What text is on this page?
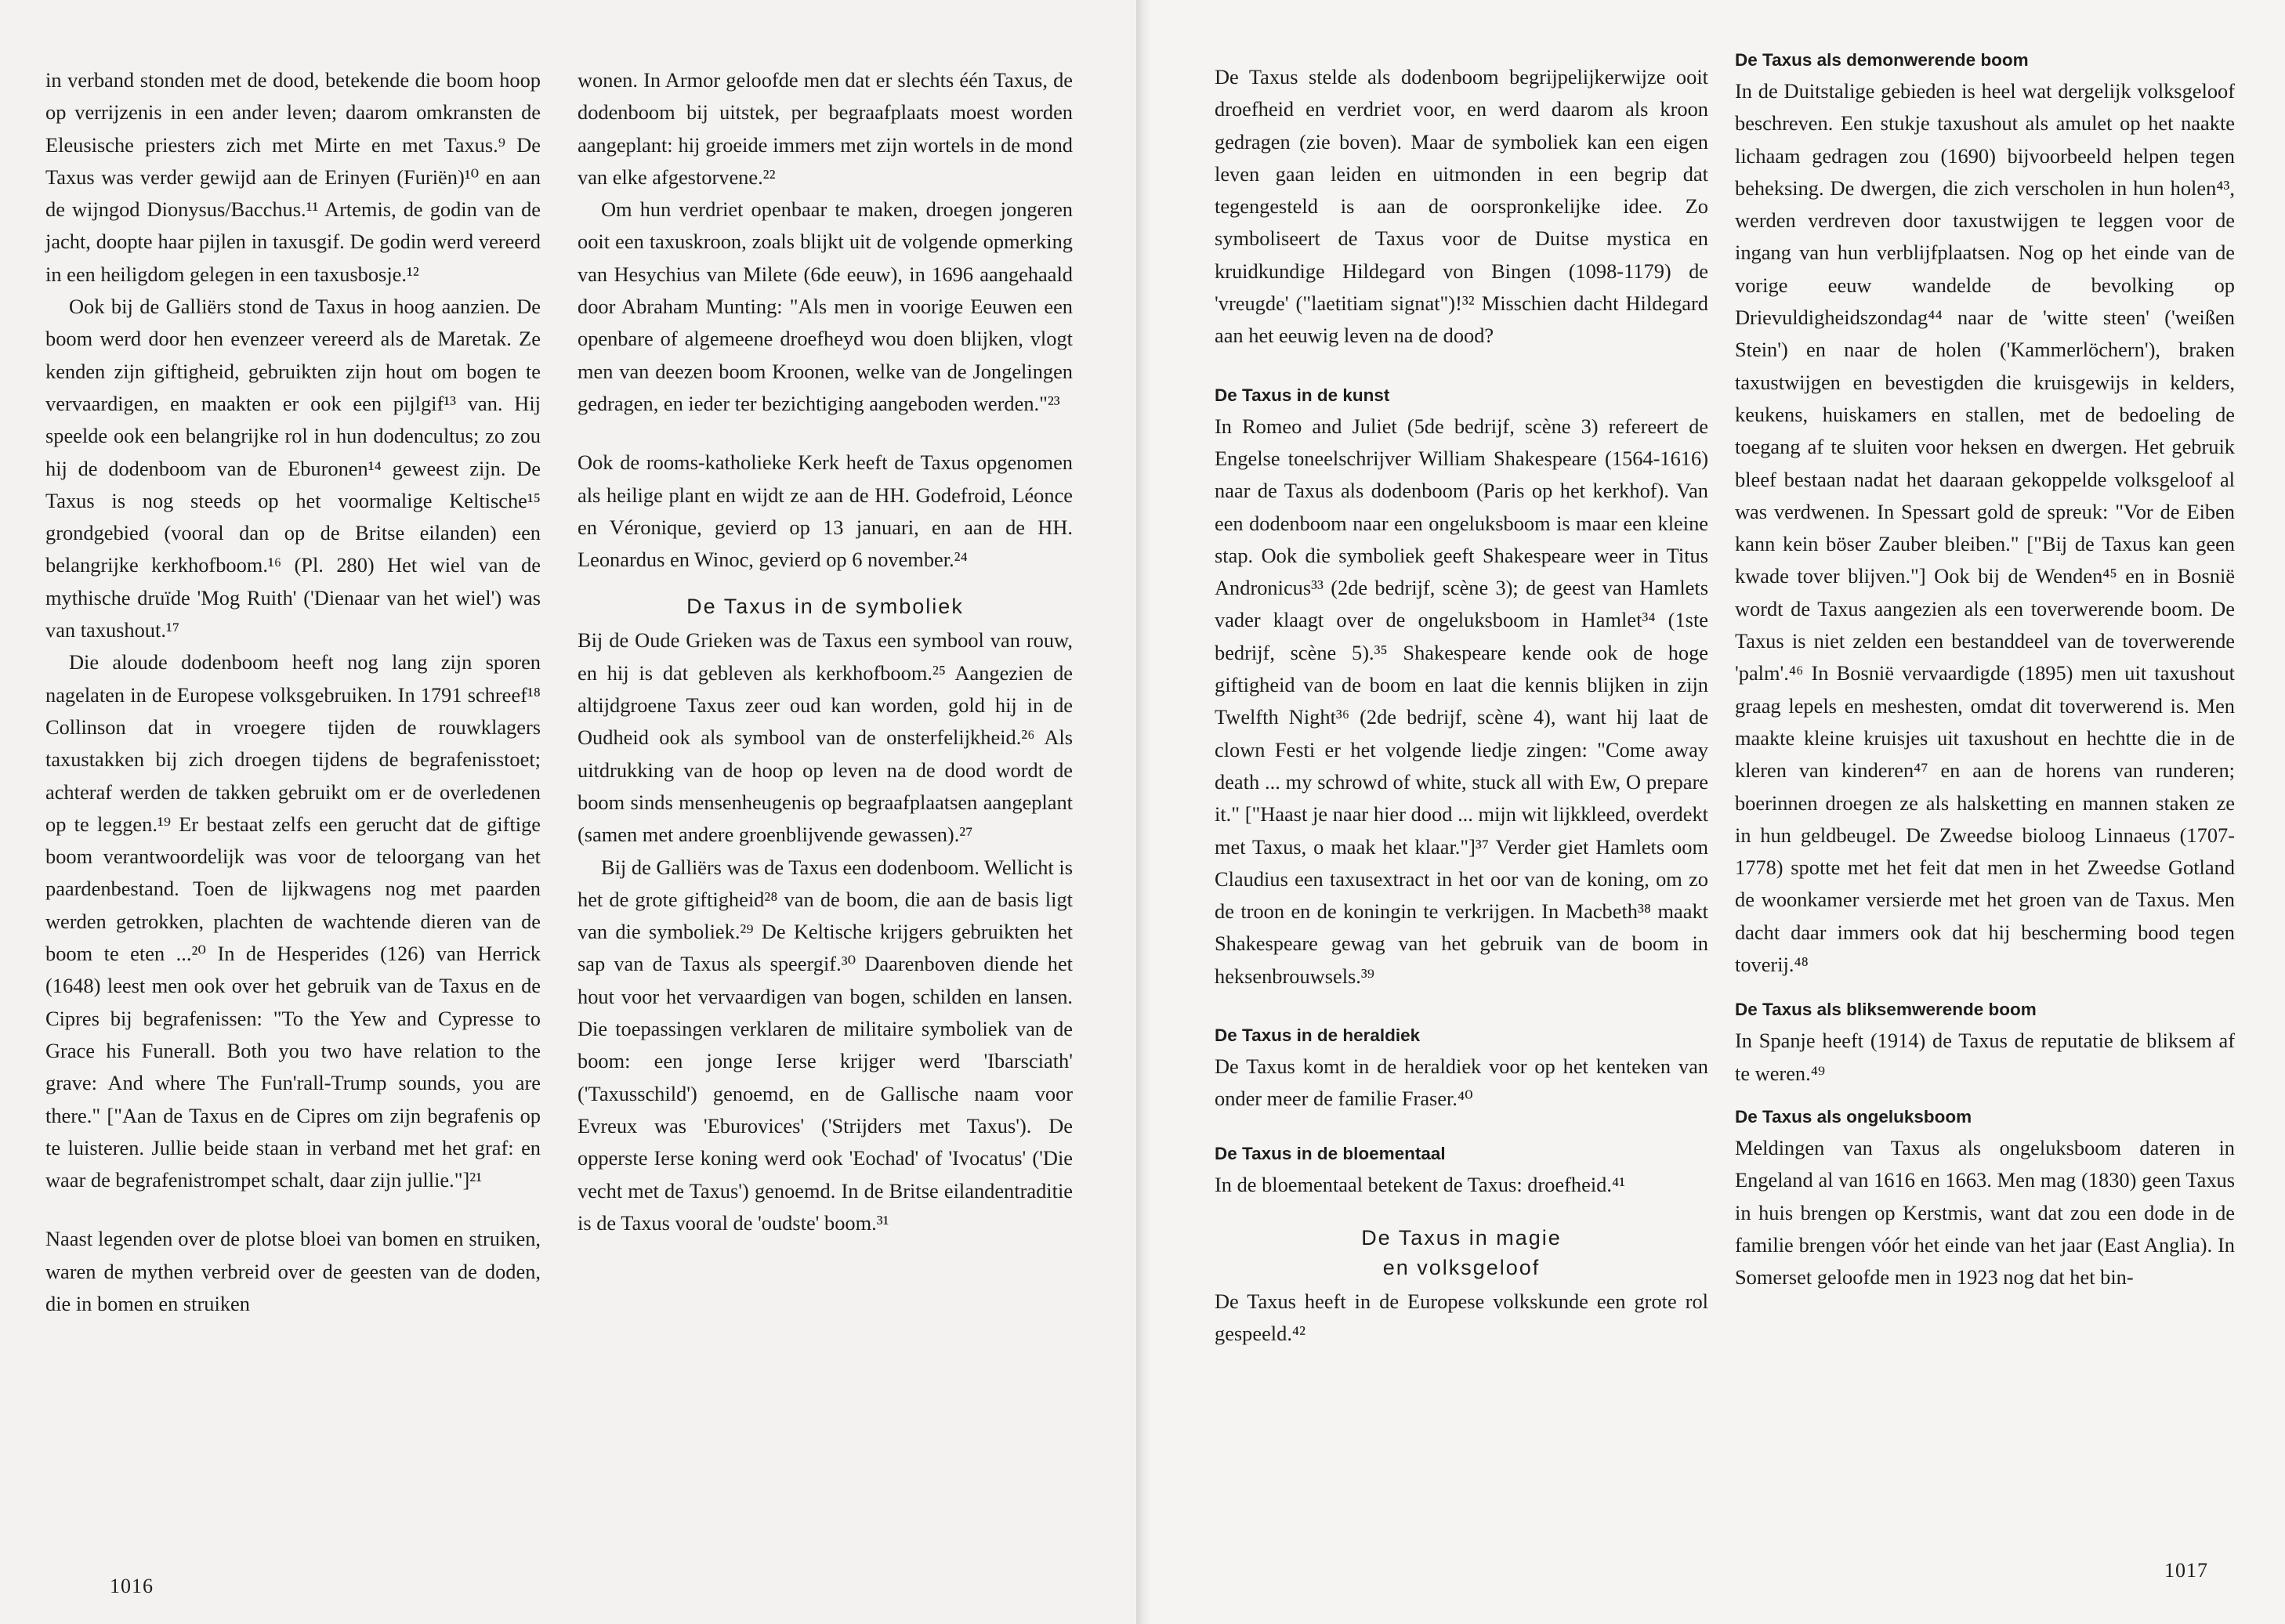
in verband stonden met de dood, betekende die boom hoop op verrijzenis in een ander leven; daarom omkransten de Eleusische priesters zich met Mirte en met Taxus.⁹ De Taxus was verder gewijd aan de Erinyen (Furiën)¹⁰ en aan de wijngod Dionysus/Bacchus.¹¹ Artemis, de godin van de jacht, doopte haar pijlen in taxusgif. De godin werd vereerd in een heiligdom gelegen in een taxusbosje.¹²

Ook bij de Galliërs stond de Taxus in hoog aanzien. De boom werd door hen evenzeer vereerd als de Maretak. Ze kenden zijn giftigheid, gebruikten zijn hout om bogen te vervaardigen, en maakten er ook een pijlgif¹³ van. Hij speelde ook een belangrijke rol in hun dodencultus; zo zou hij de dodenboom van de Eburonen¹⁴ geweest zijn. De Taxus is nog steeds op het voormalige Keltische¹⁵ grondgebied (vooral dan op de Britse eilanden) een belangrijke kerkhofboom.¹⁶ (Pl. 280) Het wiel van de mythische druïde 'Mog Ruith' ('Dienaar van het wiel') was van taxushout.¹⁷

Die aloude dodenboom heeft nog lang zijn sporen nagelaten in de Europese volksgebruiken. In 1791 schreef¹⁸ Collinson dat in vroegere tijden de rouwklagers taxustakken bij zich droegen tijdens de begrafenisstoet; achteraf werden de takken gebruikt om er de overledenen op te leggen.¹⁹ Er bestaat zelfs een gerucht dat de giftige boom verantwoordelijk was voor de teloorgang van het paardenbestand. Toen de lijkwagens nog met paarden werden getrokken, plachten de wachtende dieren van de boom te eten ...²⁰ In de Hesperides (126) van Herrick (1648) leest men ook over het gebruik van de Taxus en de Cipres bij begrafenissen: "To the Yew and Cypresse to Grace his Funerall. Both you two have relation to the grave: And where The Fun'rall-Trump sounds, you are there." ["Aan de Taxus en de Cipres om zijn begrafenis op te luisteren. Jullie beide staan in verband met het graf: en waar de begrafenistrompet schalt, daar zijn jullie."]²¹

Naast legenden over de plotse bloei van bomen en struiken, waren de mythen verbreid over de geesten van de doden, die in bomen en struiken

wonen. In Armor geloofde men dat er slechts één Taxus, de dodenboom bij uitstek, per begraafplaats moest worden aangeplant: hij groeide immers met zijn wortels in de mond van elke afgestorvene.²²

Om hun verdriet openbaar te maken, droegen jongeren ooit een taxuskroon, zoals blijkt uit de volgende opmerking van Hesychius van Milete (6de eeuw), in 1696 aangehaald door Abraham Munting: "Als men in voorige Eeuwen een openbare of algemeene droefheyd wou doen blijken, vlogt men van deezen boom Kroonen, welke van de Jongelingen gedragen, en ieder ter bezichtiging aangeboden werden."²³

Ook de rooms-katholieke Kerk heeft de Taxus opgenomen als heilige plant en wijdt ze aan de HH. Godefroid, Léonce en Véronique, gevierd op 13 januari, en aan de HH. Leonardus en Winoc, gevierd op 6 november.²⁴

De Taxus in de symboliek

Bij de Oude Grieken was de Taxus een symbool van rouw, en hij is dat gebleven als kerkhofboom.²⁵ Aangezien de altijdgroene Taxus zeer oud kan worden, gold hij in de Oudheid ook als symbool van de onsterfelijkheid.²⁶ Als uitdrukking van de hoop op leven na de dood wordt de boom sinds mensenheugenis op begraafplaatsen aangeplant (samen met andere groenblijvende gewassen).²⁷

Bij de Galliërs was de Taxus een dodenboom. Wellicht is het de grote giftigheid²⁸ van de boom, die aan de basis ligt van die symboliek.²⁹ De Keltische krijgers gebruikten het sap van de Taxus als speergif.³⁰ Daarenboven diende het hout voor het vervaardigen van bogen, schilden en lansen. Die toepassingen verklaren de militaire symboliek van de boom: een jonge Ierse krijger werd 'Ibarsciath' ('Taxusschild') genoemd, en de Gallische naam voor Evreux was 'Eburovices' ('Strijders met Taxus'). De opperste Ierse koning werd ook 'Eochad' of 'Ivocatus' ('Die vecht met de Taxus') genoemd. In de Britse eilandentraditie is de Taxus vooral de 'oudste' boom.³¹

1016

De Taxus stelde als dodenboom begrijpelijkerwijze ooit droefheid en verdriet voor, en werd daarom als kroon gedragen (zie boven). Maar de symboliek kan een eigen leven gaan leiden en uitmonden in een begrip dat tegengesteld is aan de oorspronkelijke idee. Zo symboliseert de Taxus voor de Duitse mystica en kruidkundige Hildegard von Bingen (1098-1179) de 'vreugde' ("laetitiam signat")!³² Misschien dacht Hildegard aan het eeuwig leven na de dood?

De Taxus in de kunst

In Romeo and Juliet (5de bedrijf, scène 3) refereert de Engelse toneelschrijver William Shakespeare (1564-1616) naar de Taxus als dodenboom (Paris op het kerkhof). Van een dodenboom naar een ongeluksboom is maar een kleine stap. Ook die symboliek geeft Shakespeare weer in Titus Andronicus³³ (2de bedrijf, scène 3); de geest van Hamlets vader klaagt over de ongeluksboom in Hamlet³⁴ (1ste bedrijf, scène 5).³⁵ Shakespeare kende ook de hoge giftigheid van de boom en laat die kennis blijken in zijn Twelfth Night³⁶ (2de bedrijf, scène 4), want hij laat de clown Festi er het volgende liedje zingen: "Come away death ... my schrowd of white, stuck all with Ew, O prepare it." ["Haast je naar hier dood ... mijn wit lijkkleed, overdekt met Taxus, o maak het klaar."]³⁷ Verder giet Hamlets oom Claudius een taxusextract in het oor van de koning, om zo de troon en de koningin te verkrijgen. In Macbeth³⁸ maakt Shakespeare gewag van het gebruik van de boom in heksenbrouwsels.³⁹

De Taxus in de heraldiek

De Taxus komt in de heraldiek voor op het kenteken van onder meer de familie Fraser.⁴⁰

De Taxus in de bloementaal

In de bloementaal betekent de Taxus: droefheid.⁴¹

De Taxus in magie
en volksgeloof

De Taxus heeft in de Europese volkskunde een grote rol gespeeld.⁴²

De Taxus als demonwerende boom

In de Duitstalige gebieden is heel wat dergelijk volksgeloof beschreven. Een stukje taxushout als amulet op het naakte lichaam gedragen zou (1690) bijvoorbeeld helpen tegen beheksing. De dwergen, die zich verscholen in hun holen⁴³, werden verdreven door taxustwijgen te leggen voor de ingang van hun verblijfplaatsen. Nog op het einde van de vorige eeuw wandelde de bevolking op Drievuldigheidszondag⁴⁴ naar de 'witte steen' ('weißen Stein') en naar de holen ('Kammerlöchern'), braken taxustwijgen en bevestigden die kruisgewijs in kelders, keukens, huiskamers en stallen, met de bedoeling de toegang af te sluiten voor heksen en dwergen. Het gebruik bleef bestaan nadat het daaraan gekoppelde volksgeloof al was verdwenen. In Spessart gold de spreuk: "Vor de Eiben kann kein böser Zauber bleiben." ["Bij de Taxus kan geen kwade tover blijven."] Ook bij de Wenden⁴⁵ en in Bosnië wordt de Taxus aangezien als een toverwerende boom. De Taxus is niet zelden een bestanddeel van de toverwerende 'palm'.⁴⁶ In Bosnië vervaardigde (1895) men uit taxushout graag lepels en meshesten, omdat dit toverwerend is. Men maakte kleine kruisjes uit taxushout en hechtte die in de kleren van kinderen⁴⁷ en aan de horens van runderen; boerinnen droegen ze als halsketting en mannen staken ze in hun geldbeugel. De Zweedse bioloog Linnaeus (1707-1778) spotte met het feit dat men in het Zweedse Gotland de woonkamer versierde met het groen van de Taxus. Men dacht daar immers ook dat hij bescherming bood tegen toverij.⁴⁸

De Taxus als bliksemwerende boom

In Spanje heeft (1914) de Taxus de reputatie de bliksem af te weren.⁴⁹

De Taxus als ongeluksboom

Meldingen van Taxus als ongeluksboom dateren in Engeland al van 1616 en 1663. Men mag (1830) geen Taxus in huis brengen op Kerstmis, want dat zou een dode in de familie brengen vóór het einde van het jaar (East Anglia). In Somerset geloofde men in 1923 nog dat het bin-

1017
